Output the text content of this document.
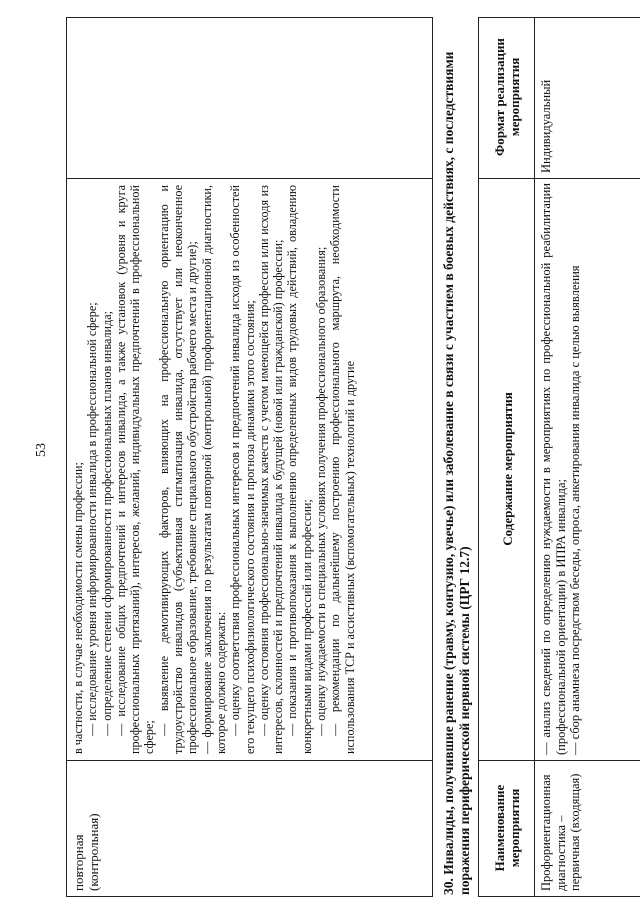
53
повторная (контрольная)

в частности, в случае необходимости смены профессии; — исследование уровня информированности инвалида в профессиональной сфере; — определение степени сформированности профессиональных планов инвалида; — исследование общих предпочтений и интересов инвалида, а также установок (уровня и круга профессиональных притязаний), интересов, желаний, индивидуальных предпочтений в профессиональной сфере;

— выявление демотивирующих факторов, влияющих на профессиональную ориентацию и трудоустройство инвалидов (субъективная стигматизация инвалида, отсутствует или неоконченное профессиональное образование, требование специального обустройства рабочего места и другие); — формирование заключения по результатам повторной (контрольной) профориентационной диагностики, которое должно содержать: — оценку соответствия профессиональных интересов и предпочтений инвалида исходя из особенностей его текущего психофизиологического состояния и прогноза динамики этого состояния; — оценку состояния профессионально-значимых качеств с учетом имеющейся профессии или исходя из интересов, склонностей и предпочтений инвалида к будущей (новой или гражданской) профессии; — показания и противопоказания к выполнению определенных видов трудовых действий, овладению конкретными видами профессий или профессии; — оценку нуждаемости в специальных условиях получения профессионального образования; — рекомендации по дальнейшему построению профессионального маршрута, необходимости использования ТСР и ассистивных (вспомогательных) технологий и другие	30. Инвалиды, получившие ранение (травму, контузию, увечье) или заболевание в связи с участием в боевых действиях, с последствиями поражения периферической нервной системы (ЦРГ 12.7)	Наименование мероприятия
Содержание мероприятия
Формат реализации мероприятия
Профориентационная диагностика – первичная (входящая)

— анализ сведений по определению нуждаемости в мероприятиях по профессиональной реабилитации (профессиональной ориентации) в ИПРА инвалида; — сбор анамнеза посредством беседы, опроса, анкетирования инвалида с целью выявления

Индивидуальный
